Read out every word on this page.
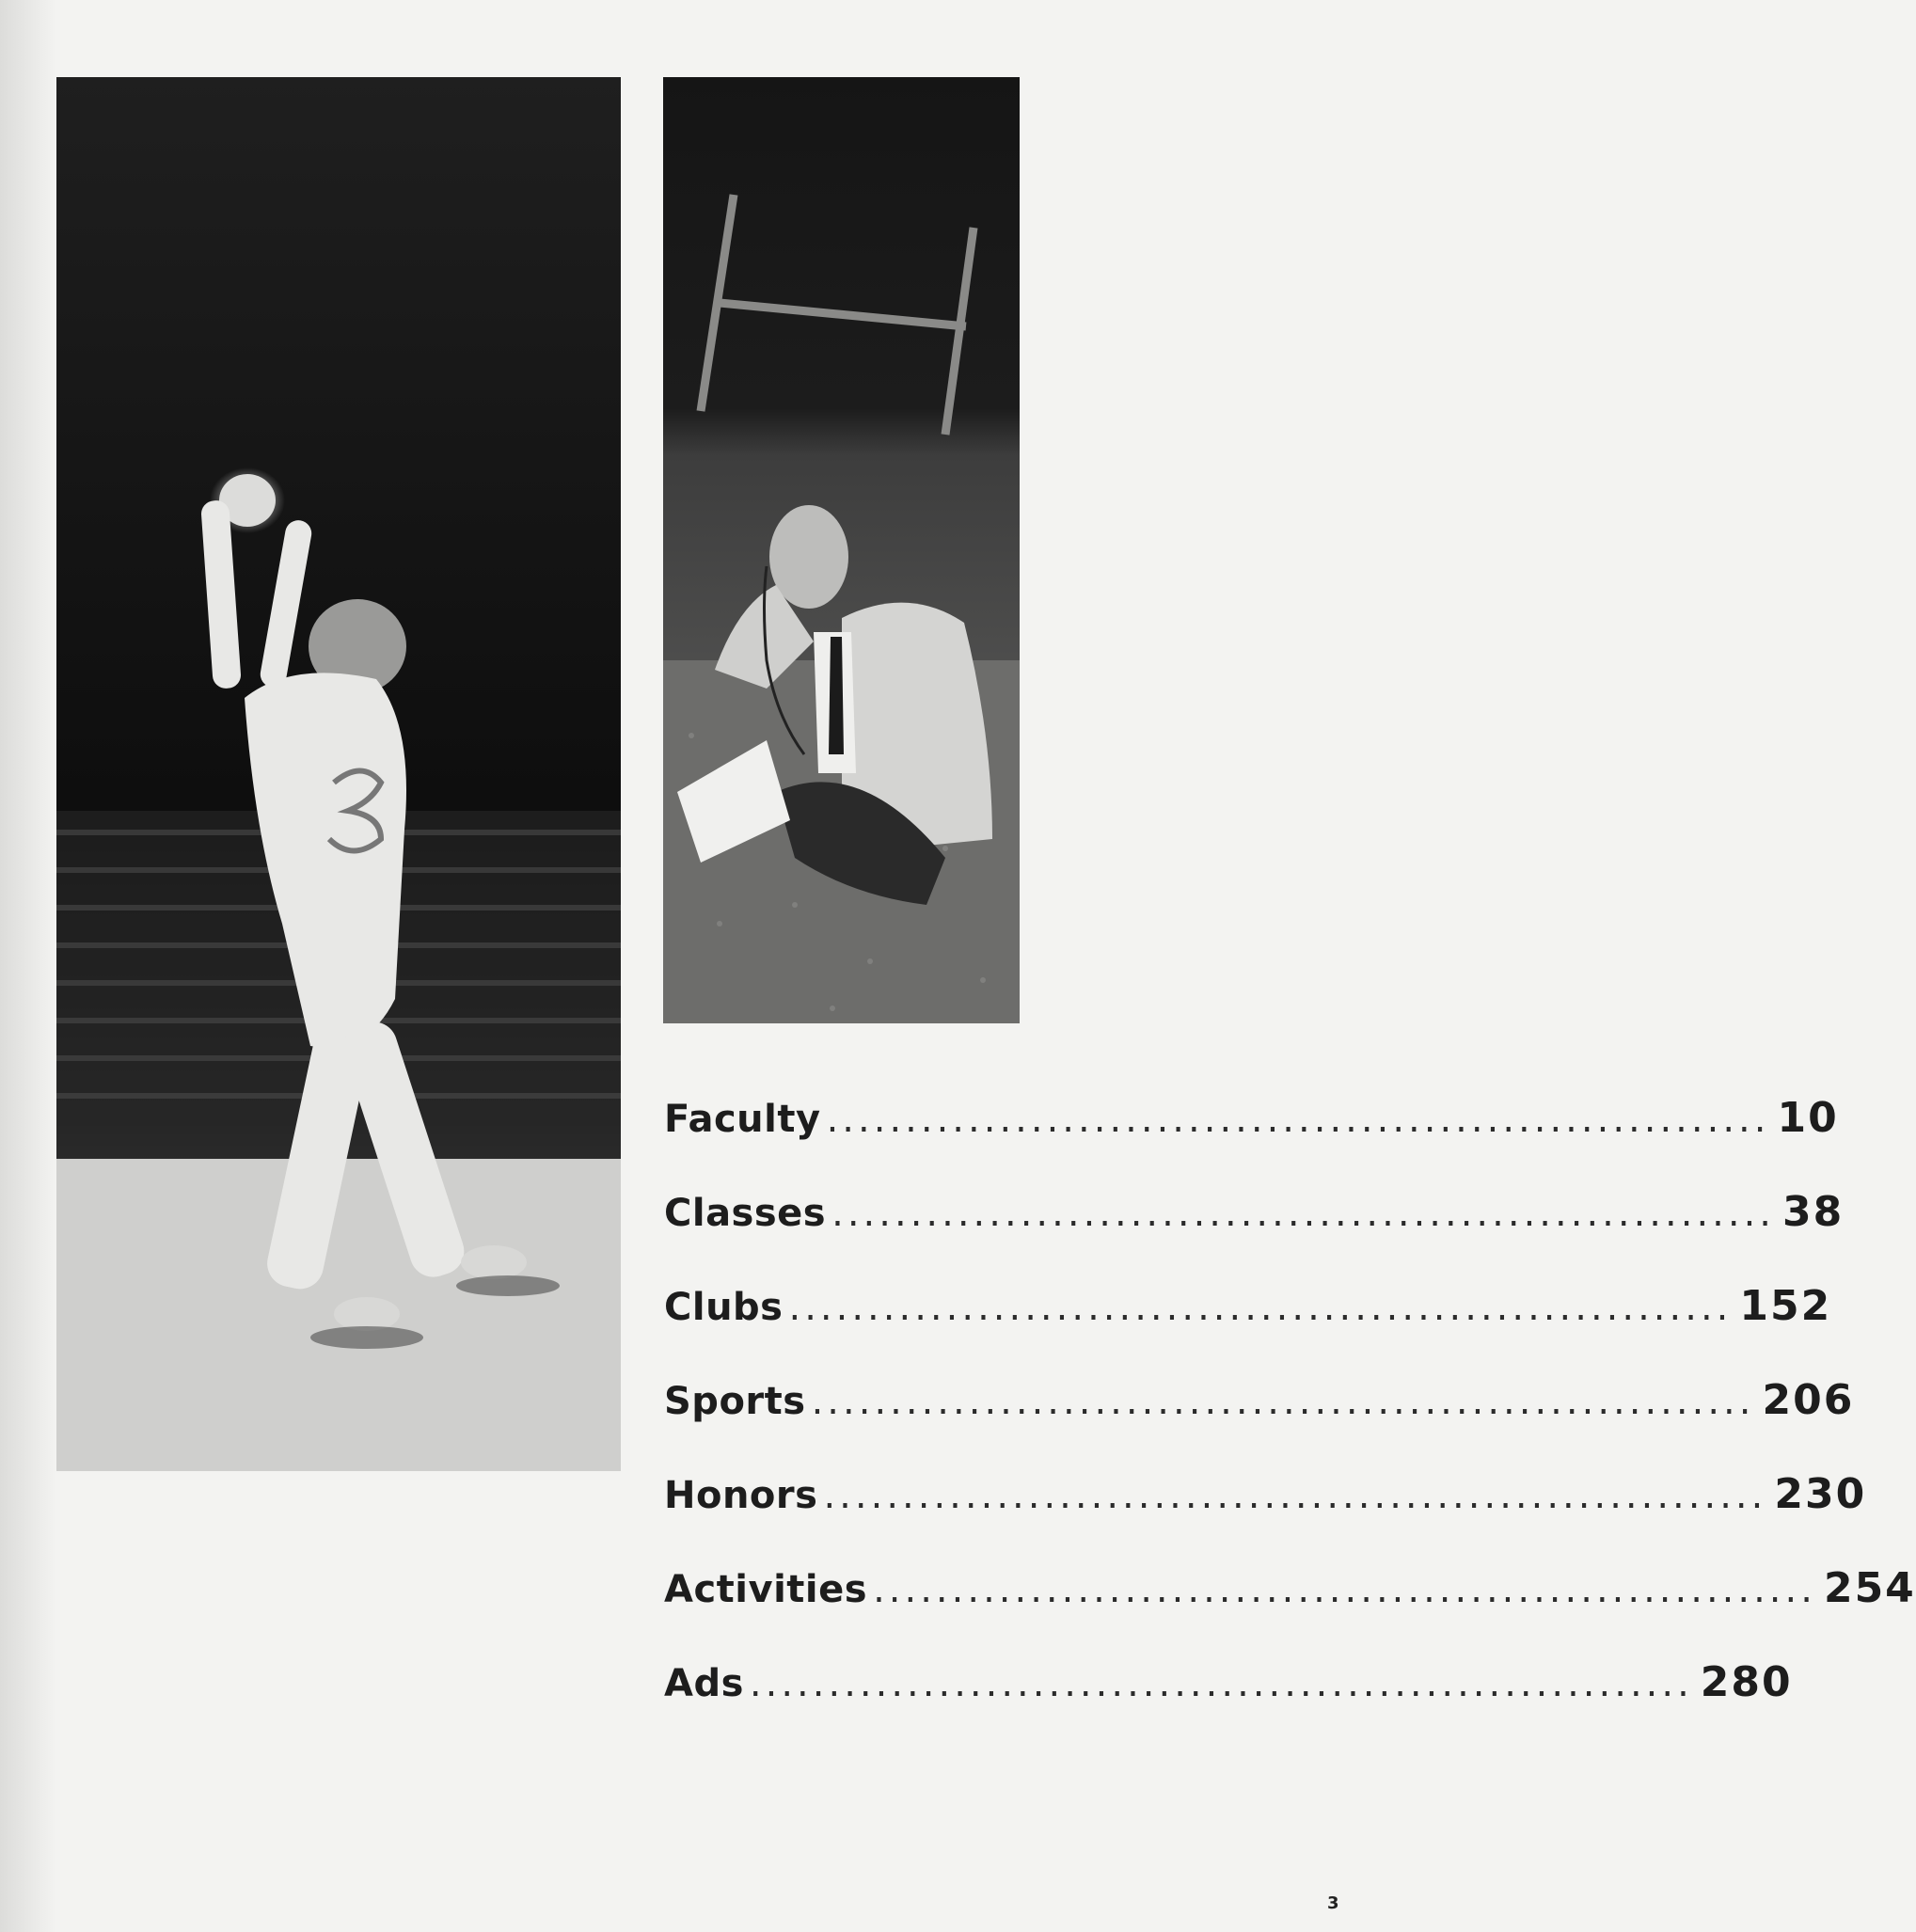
Faculty ............................................................ 10
Classes ............................................................ 38
Clubs ............................................................ 152
Sports ............................................................ 206
Honors ............................................................ 230
Activities ............................................................ 254
Ads ............................................................ 280
3
